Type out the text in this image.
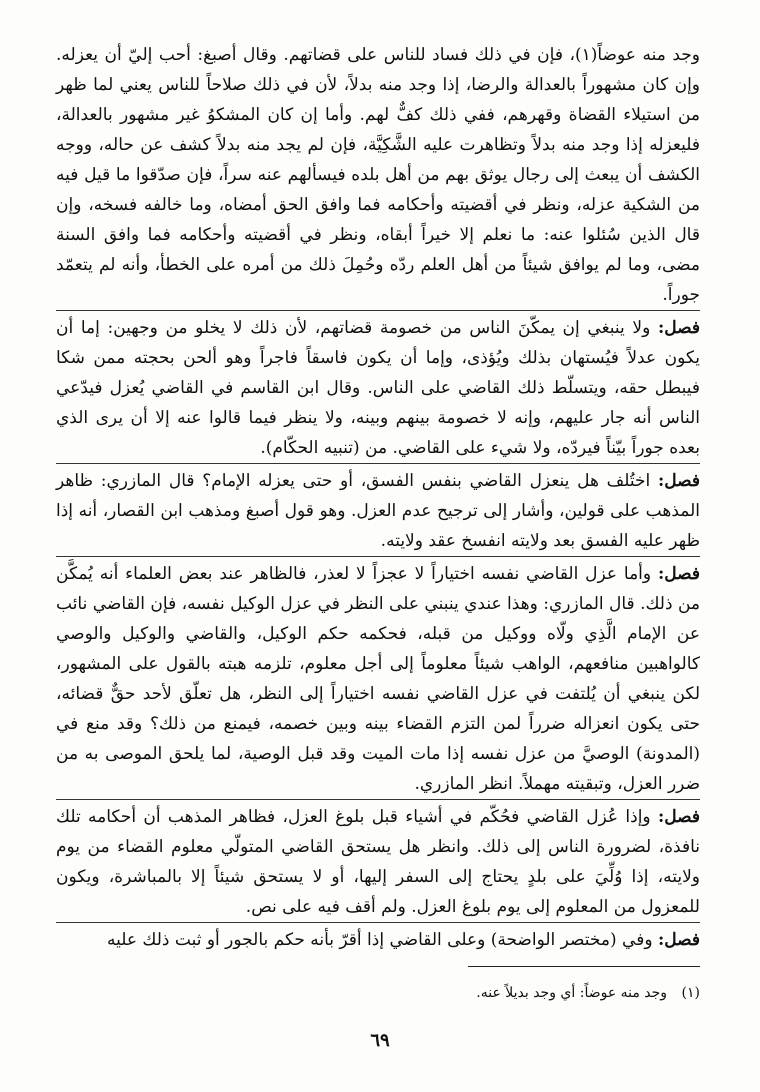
وجد منه عوضاً(١)، فإن في ذلك فساد للناس على قضاتهم. وقال أصبغ: أحب إليّ أن يعزله. وإن كان مشهوراً بالعدالة والرضا، إذا وجد منه بدلاً، لأن في ذلك صلاحاً للناس يعني لما ظهر من استيلاء القضاة وقهرهم، ففي ذلك كفٌّ لهم. وأما إن كان المشكوُ غير مشهور بالعدالة، فليعزله إذا وجد منه بدلاً وتظاهرت عليه الشَّكِيَّة، فإن لم يجد منه بدلاً كشف عن حاله، ووجه الكشف أن يبعث إلى رجال يوثق بهم من أهل بلده فيسألهم عنه سراً، فإن صدّقوا ما قيل فيه من الشكية عزله، ونظر في أقضيته وأحكامه فما وافق الحق أمضاه، وما خالفه فسخه، وإن قال الذين سُئلوا عنه: ما نعلم إلا خيراً أبقاه، ونظر في أقضيته وأحكامه فما وافق السنة مضى، وما لم يوافق شيئاً من أهل العلم ردّه وحُمِلَ ذلك من أمره على الخطأ، وأنه لم يتعمّد جوراً.

فصل: ولا ينبغي إن يمكّنَ الناس من خصومة قضاتهم، لأن ذلك لا يخلو من وجهين: إما أن يكون عدلاً فيُستهان بذلك ويُؤذى، وإما أن يكون فاسقاً فاجراً وهو ألحن بحجته ممن شكا فيبطل حقه، ويتسلّط ذلك القاضي على الناس. وقال ابن القاسم في القاضي يُعزل فيدّعي الناس أنه جار عليهم، وإنه لا خصومة بينهم وبينه، ولا ينظر فيما قالوا عنه إلا أن يرى الذي بعده جوراً بيّناً فيردّه، ولا شيء على القاضي. من (تنبيه الحكّام).

فصل: اختُلف هل ينعزل القاضي بنفس الفسق، أو حتى يعزله الإمام؟ قال المازري: ظاهر المذهب على قولين، وأشار إلى ترجيح عدم العزل. وهو قول أصبغ ومذهب ابن القصار، أنه إذا ظهر عليه الفسق بعد ولايته انفسخ عقد ولايته.

فصل: وأما عزل القاضي نفسه اختياراً لا عجزاً لا لعذر، فالظاهر عند بعض العلماء أنه يُمكَّن من ذلك. قال المازري: وهذا عندي ينبني على النظر في عزل الوكيل نفسه، فإن القاضي نائب عن الإمام الَّذِي ولّاه ووكيل من قبله، فحكمه حكم الوكيل، والقاضي والوكيل والوصي كالواهبين منافعهم، الواهب شيئاً معلوماً إلى أجل معلوم، تلزمه هبته بالقول على المشهور، لكن ينبغي أن يُلتفت في عزل القاضي نفسه اختياراً إلى النظر، هل تعلّق لأحد حقٌّ قضائه، حتى يكون انعزاله ضرراً لمن التزم القضاء بينه وبين خصمه، فيمنع من ذلك؟ وقد منع في (المدونة) الوصيَّ من عزل نفسه إذا مات الميت وقد قبل الوصية، لما يلحق الموصى به من ضرر العزل، وتبقيته مهملاً. انظر المازري.

فصل: وإذا عُزل القاضي فحُكّم في أشياء قبل بلوغ العزل، فظاهر المذهب أن أحكامه تلك نافذة، لضرورة الناس إلى ذلك. وانظر هل يستحق القاضي المتولّي معلوم القضاء من يوم ولايته، إذا وُلِّيَ على بلدٍ يحتاج إلى السفر إليها، أو لا يستحق شيئاً إلا بالمباشرة، ويكون للمعزول من المعلوم إلى يوم بلوغ العزل. ولم أقف فيه على نص.

فصل: وفي (مختصر الواضحة) وعلى القاضي إذا أقرّ بأنه حكم بالجور أو ثبت ذلك عليه

(١) وجد منه عوضاً: أي وجد بديلاً عنه.
٦٩
